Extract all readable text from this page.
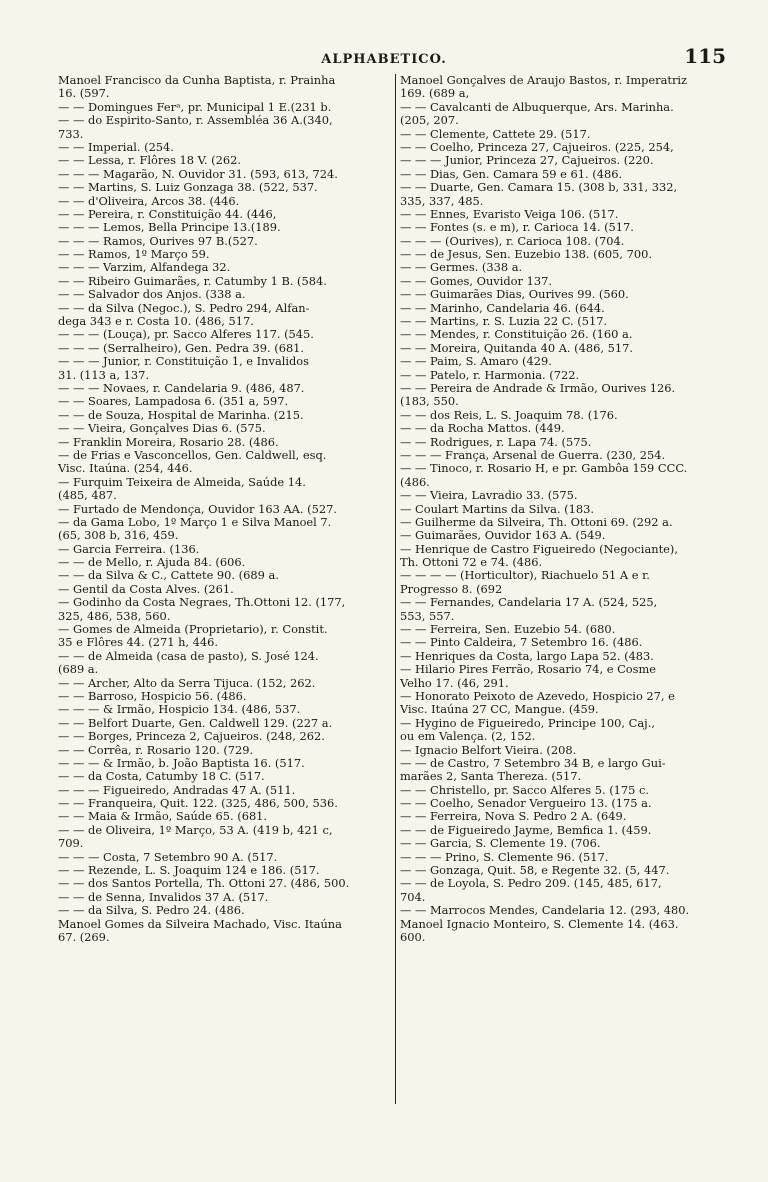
ALPHABETICO.	115
Manoel Francisco da Cunha Baptista, r. Prainha
16. (597.
— — Domingues Ferᵃ, pr. Municipal 1 E.(231 b.
— — do Espirito-Santo, r. Assembléa 36 A.(340,
733.
— — Imperial. (254.
— — Lessa, r. Flôres 18 V. (262.
— — — Magarão, N. Ouvidor 31. (593, 613, 724.
— — Martins, S. Luiz Gonzaga 38. (522, 537.
— — d'Oliveira, Arcos 38. (446.
— — Pereira, r. Constituição 44. (446,
— — — Lemos, Bella Principe 13.(189.
— — — Ramos, Ourives 97 B.(527.
— — Ramos, 1º Março 59.
— — — Varzim, Alfandega 32.
— — Ribeiro Guimarães, r. Catumby 1 B. (584.
— — Salvador dos Anjos. (338 a.
— — da Silva (Negoc.), S. Pedro 294, Alfan-
dega 343 e r. Costa 10. (486, 517.
— — — (Louça), pr. Sacco Alferes 117. (545.
— — — (Serralheiro), Gen. Pedra 39. (681.
— — — Junior, r. Constituição 1, e Invalidos
31. (113 a, 137.
— — — Novaes, r. Candelaria 9. (486, 487.
— — Soares, Lampadosa 6. (351 a, 597.
— — de Souza, Hospital de Marinha. (215.
— — Vieira, Gonçalves Dias 6. (575.
— Franklin Moreira, Rosario 28. (486.
— de Frias e Vasconcellos, Gen. Caldwell, esq.
Visc. Itaúna. (254, 446.
— Furquim Teixeira de Almeida, Saúde 14.
(485, 487.
— Furtado de Mendonça, Ouvidor 163 AA. (527.
— da Gama Lobo, 1º Março 1 e Silva Manoel 7.
(65, 308 b, 316, 459.
— Garcia Ferreira. (136.
— — de Mello, r. Ajuda 84. (606.
— — da Silva & C., Cattete 90. (689 a.
— Gentil da Costa Alves. (261.
— Godinho da Costa Negraes, Th.Ottoni 12. (177,
325, 486, 538, 560.
— Gomes de Almeida (Proprietario), r. Constit.
35 e Flôres 44. (271 h, 446.
— — de Almeida (casa de pasto), S. José 124.
(689 a.
— — Archer, Alto da Serra Tijuca. (152, 262.
— — Barroso, Hospicio 56. (486.
— — — & Irmão, Hospicio 134. (486, 537.
— — Belfort Duarte, Gen. Caldwell 129. (227 a.
— — Borges, Princeza 2, Cajueiros. (248, 262.
— — Corrêa, r. Rosario 120. (729.
— — — & Irmão, b. João Baptista 16. (517.
— — da Costa, Catumby 18 C. (517.
— — — Figueiredo, Andradas 47 A. (511.
— — Franqueira, Quit. 122. (325, 486, 500, 536.
— — Maia & Irmão, Saúde 65. (681.
— — de Oliveira, 1º Março, 53 A. (419 b, 421 c,
709.
— — — Costa, 7 Setembro 90 A. (517.
— — Rezende, L. S. Joaquim 124 e 186. (517.
— — dos Santos Portella, Th. Ottoni 27. (486, 500.
— — de Senna, Invalidos 37 A. (517.
— — da Silva, S. Pedro 24. (486.
Manoel Gomes da Silveira Machado, Visc. Itaúna
67. (269.
Manoel Gonçalves de Araujo Bastos, r. Imperatriz
169. (689 a,
— — Cavalcanti de Albuquerque, Ars. Marinha.
(205, 207.
— — Clemente, Cattete 29. (517.
— — Coelho, Princeza 27, Cajueiros. (225, 254,
— — — Junior, Princeza 27, Cajueiros. (220.
— — Dias, Gen. Camara 59 e 61. (486.
— — Duarte, Gen. Camara 15. (308 b, 331, 332,
335, 337, 485.
— — Ennes, Evaristo Veiga 106. (517.
— — Fontes (s. e m), r. Carioca 14. (517.
— — — (Ourives), r. Carioca 108. (704.
— — de Jesus, Sen. Euzebio 138. (605, 700.
— — Germes. (338 a.
— — Gomes, Ouvidor 137.
— — Guimarães Dias, Ourives 99. (560.
— — Marinho, Candelaria 46. (644.
— — Martins, r. S. Luzia 22 C. (517.
— — Mendes, r. Constituição 26. (160 a.
— — Moreira, Quitanda 40 A. (486, 517.
— — Paim, S. Amaro (429.
— — Patelo, r. Harmonia. (722.
— — Pereira de Andrade & Irmão, Ourives 126.
(183, 550.
— — dos Reis, L. S. Joaquim 78. (176.
— — da Rocha Mattos. (449.
— — Rodrigues, r. Lapa 74. (575.
— — — França, Arsenal de Guerra. (230, 254.
— — Tinoco, r. Rosario H, e pr. Gambôa 159 CCC.
(486.
— — Vieira, Lavradio 33. (575.
— Coulart Martins da Silva. (183.
— Guilherme da Silveira, Th. Ottoni 69. (292 a.
— Guimarães, Ouvidor 163 A. (549.
— Henrique de Castro Figueiredo (Negociante),
Th. Ottoni 72 e 74. (486.
— — — — (Horticultor), Riachuelo 51 A e r.
Progresso 8. (692
— — Fernandes, Candelaria 17 A. (524, 525,
553, 557.
— — Ferreira, Sen. Euzebio 54. (680.
— — Pinto Caldeira, 7 Setembro 16. (486.
— Henriques da Costa, largo Lapa 52. (483.
— Hilario Pires Ferrão, Rosario 74, e Cosme
Velho 17. (46, 291.
— Honorato Peixoto de Azevedo, Hospicio 27, e
Visc. Itaúna 27 CC, Mangue. (459.
— Hygino de Figueiredo, Principe 100, Caj.,
ou em Valença. (2, 152.
— Ignacio Belfort Vieira. (208.
— — de Castro, 7 Setembro 34 B, e largo Gui-
marães 2, Santa Thereza. (517.
— — Christello, pr. Sacco Alferes 5. (175 c.
— — Coelho, Senador Vergueiro 13. (175 a.
— — Ferreira, Nova S. Pedro 2 A. (649.
— — de Figueiredo Jayme, Bemfica 1. (459.
— — Garcia, S. Clemente 19. (706.
— — — Prino, S. Clemente 96. (517.
— — Gonzaga, Quit. 58, e Regente 32. (5, 447.
— — de Loyola, S. Pedro 209. (145, 485, 617,
704.
— — Marrocos Mendes, Candelaria 12. (293, 480.
Manoel Ignacio Monteiro, S. Clemente 14. (463.
600.
